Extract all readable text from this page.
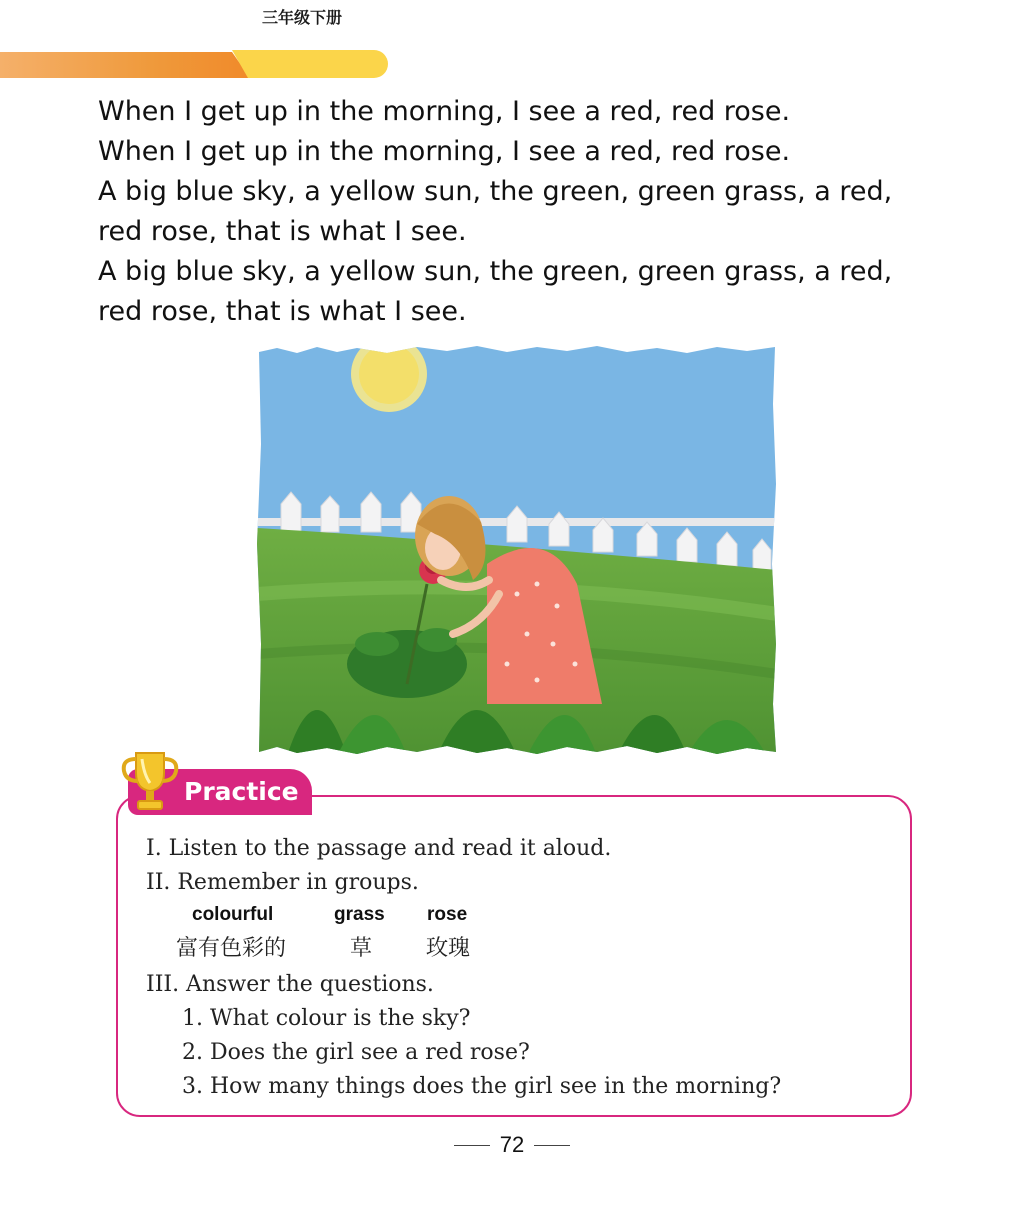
英语进阶阅读	三年级下册

When I get up in the morning, I see a red, red rose.

When I get up in the morning, I see a red, red rose.

A big blue sky, a yellow sun, the green, green grass, a red,

red rose, that is what I see.

A big blue sky, a yellow sun, the green, green grass, a red,

red rose, that is what I see.

Practice
I. Listen to the passage and read it aloud.
II. Remember in groups.
colourful	grass rose
富有色彩的	草 玫瑰
III. Answer the questions.
1. What colour is the sky?
2. Does the girl see a red rose?
3. How many things does the girl see in the morning?
72
